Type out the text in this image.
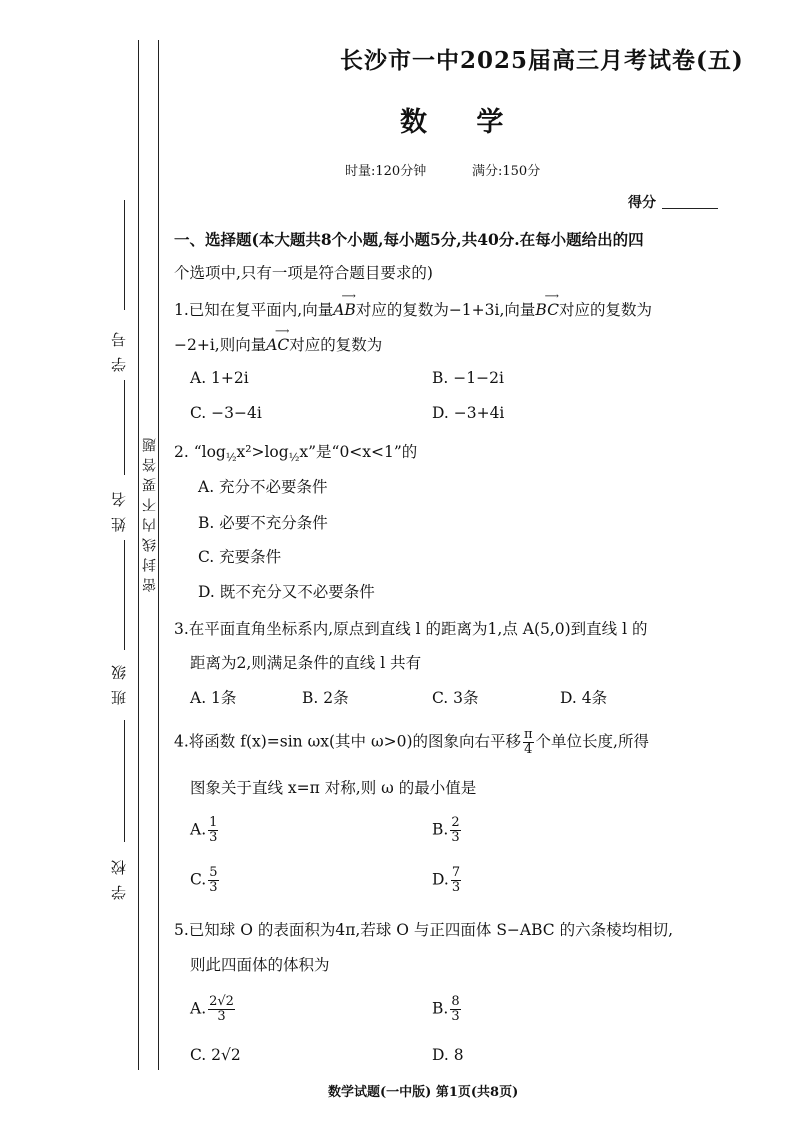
学号
姓名
班级
学校
密封线内不要答题
长沙市一中2025届高三月考试卷(五)
数 学
时量:120分钟	满分:150分
得分
一、选择题(本大题共8个小题,每小题5分,共40分.在每小题给出的四
个选项中,只有一项是符合题目要求的)
1.已知在复平面内,向量
⟶
AB对应的复数为−1+3i,向量
⟶
BC对应的复数为
−2+i,则向量
⟶
AC对应的复数为
A. 1+2i	B. −1−2i
C. −3−4i	D. −3+4i
2. “$\log_{\frac{1}{2}}x^2>\log_{\frac{1}{2}}x$”是“0<x<1”的
A. 充分不必要条件
B. 必要不充分条件
C. 充要条件
D. 既不充分又不必要条件
3.在平面直角坐标系内,原点到直线 l 的距离为1,点 A(5,0)到直线 l 的
距离为2,则满足条件的直线 l 共有
A. 1条	B. 2条	C. 3条	D. 4条
4.将函数 f(x)=sin ωx(其中 ω>0)的图象向右平移 $\frac{\pi}{4}$ 个单位长度,所得
图象关于直线 x=π 对称,则 ω 的最小值是
A. $\frac{1}{3}$	B. $\frac{2}{3}$
C. $\frac{5}{3}$	D. $\frac{7}{3}$
5.已知球 O 的表面积为4π,若球 O 与正四面体 S−ABC 的六条棱均相切,
则此四面体的体积为
A. $\frac{2√2}{3}$	B. $\frac{8}{3}$
C. 2√2	D. 8
数学试题(一中版) 第1页(共8页)
